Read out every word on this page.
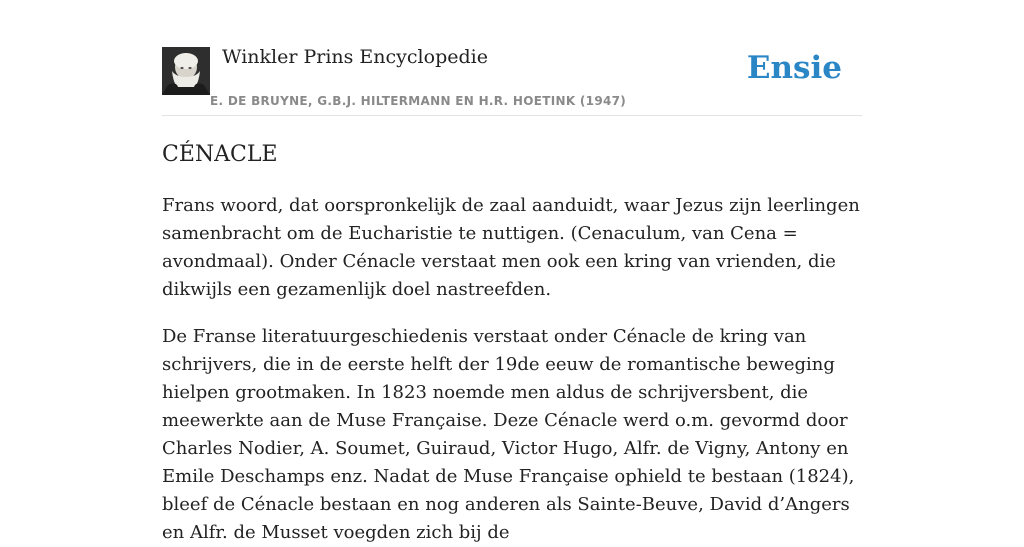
Winkler Prins Encyclopedie
E. DE BRUYNE, G.B.J. HILTERMANN EN H.R. HOETINK (1947)
Ensie
CÉNACLE

Frans woord, dat oorspronkelijk de zaal aanduidt, waar Jezus zijn leerlingen samenbracht om de Eucharistie te nuttigen. (Cenaculum, van Cena = avondmaal). Onder Cénacle verstaat men ook een kring van vrienden, die dikwijls een gezamenlijk doel nastreefden.

De Franse literatuurgeschiedenis verstaat onder Cénacle de kring van schrijvers, die in de eerste helft der 19de eeuw de romantische beweging hielpen grootmaken. In 1823 noemde men aldus de schrijversbent, die meewerkte aan de Muse Française. Deze Cénacle werd o.m. gevormd door Charles Nodier, A. Soumet, Guiraud, Victor Hugo, Alfr. de Vigny, Antony en Emile Deschamps enz. Nadat de Muse Française ophield te bestaan (1824), bleef de Cénacle bestaan en nog anderen als Sainte-Beuve, David d’Angers en Alfr. de Musset voegden zich bij de
